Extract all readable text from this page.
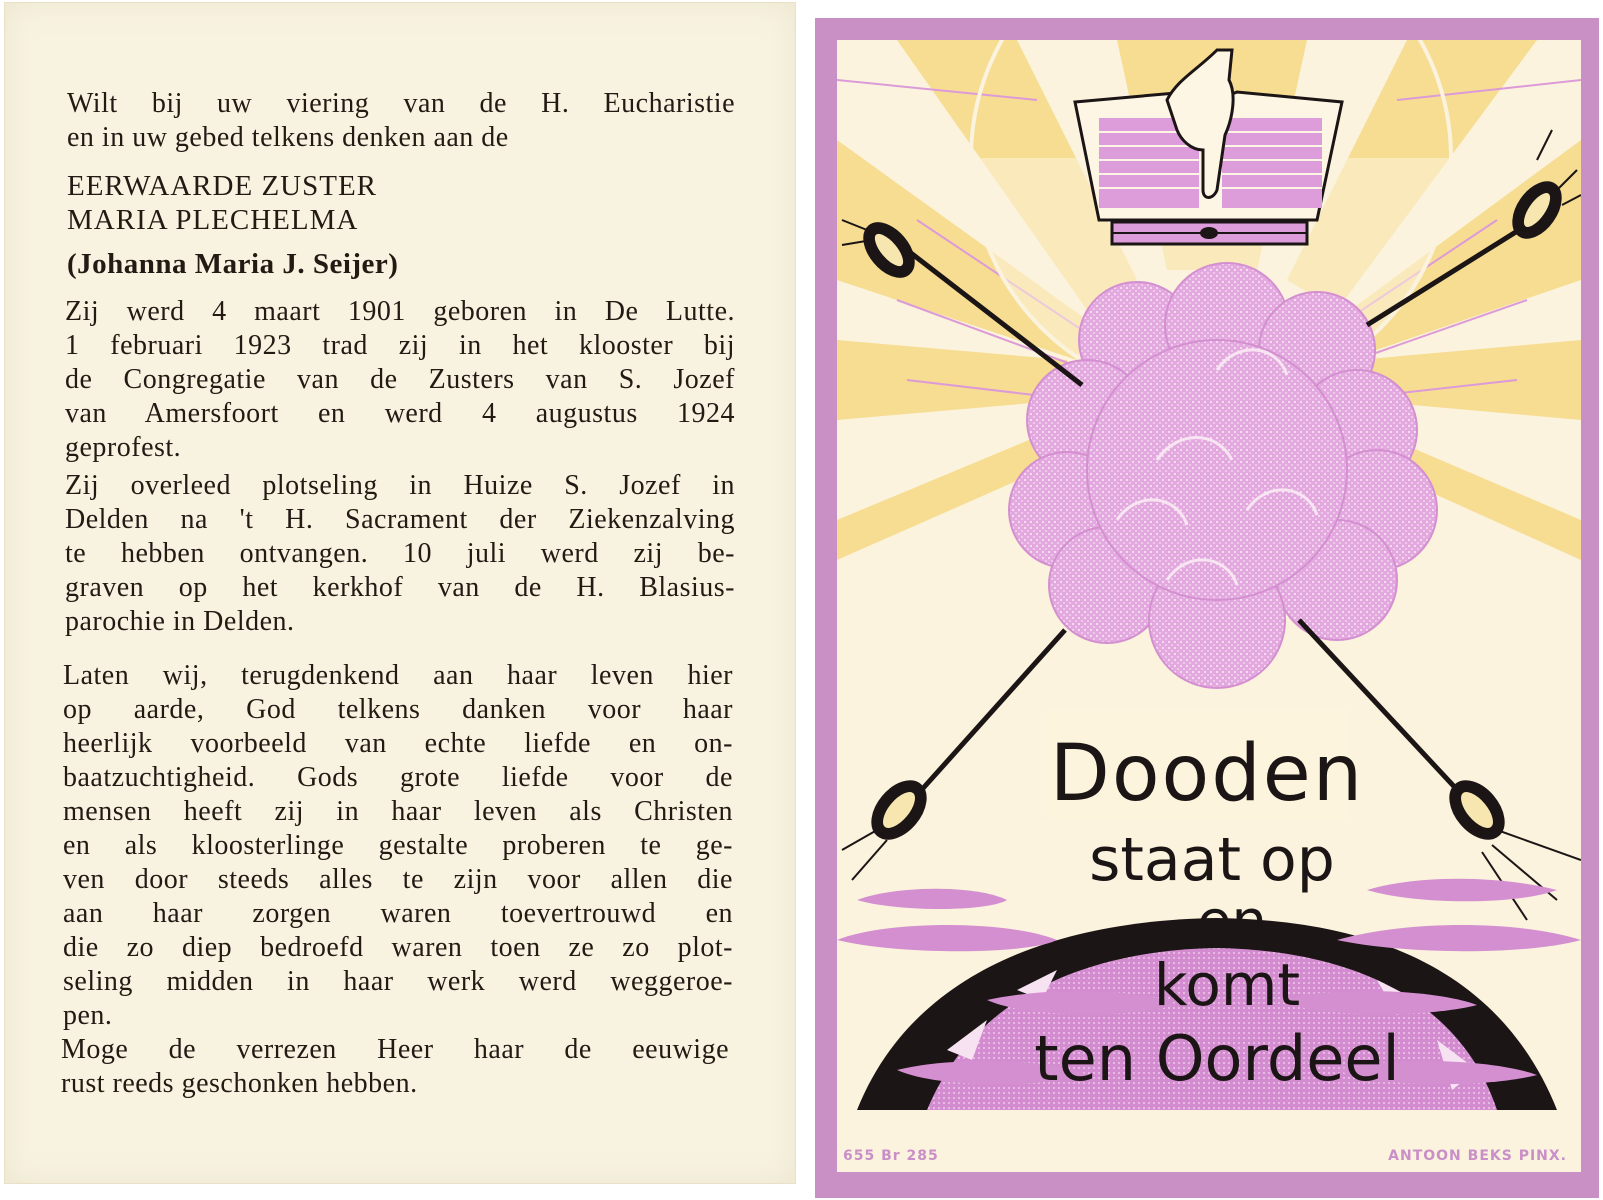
Wilt bij uw viering van de H. Eucharistie
en in uw gebed telkens denken aan de
EERWAARDE ZUSTER
MARIA PLECHELMA
(Johanna Maria J. Seijer)
Zij werd 4 maart 1901 geboren in De Lutte.
1 februari 1923 trad zij in het klooster bij
de Congregatie van de Zusters van S. Jozef
van Amersfoort en werd 4 augustus 1924
geprofest.
Zij overleed plotseling in Huize S. Jozef in
Delden na 't H. Sacrament der Ziekenzalving
te hebben ontvangen. 10 juli werd zij be-
graven op het kerkhof van de H. Blasius-
parochie in Delden.
Laten wij, terugdenkend aan haar leven hier
op aarde, God telkens danken voor haar
heerlijk voorbeeld van echte liefde en on-
baatzuchtigheid. Gods grote liefde voor de
mensen heeft zij in haar leven als Christen
en als kloosterlinge gestalte proberen te ge-
ven door steeds alles te zijn voor allen die
aan haar zorgen waren toevertrouwd en
die zo diep bedroefd waren toen ze zo plot-
seling midden in haar werk werd weggeroe-
pen.
Moge de verrezen Heer haar de eeuwige
rust reeds geschonken hebben.
Dooden
staat op
en
komt
ten Oordeel
655 Br 285	ANTOON BEKS PINX.
